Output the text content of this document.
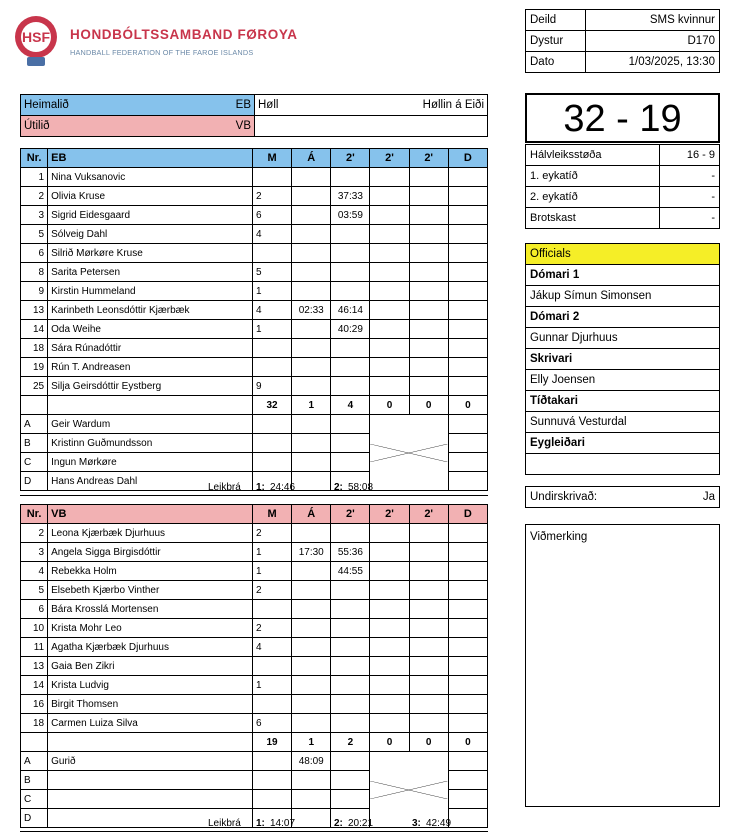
HSF HONDBÓLTSSAMBAND FØROYA
HANDBALL FEDERATION OF THE FAROE ISLANDS
Deild	SMS kvinnur
Dystur	D170
Dato	1/03/2025, 13:30
Heimalið	EB	Høll	Høllin á Eiði
Útilið	VB			32 - 19
Hálvleiksstøða	16 - 9
1. eykatíð	-
2. eykatíð	-
Brotskast	-
Officials
Dómari 1
Jákup Símun Simonsen
Dómari 2
Gunnar Djurhuus
Skrivari
Elly Joensen
Tíðtakari
Sunnuvá Vesturdal
Eygleiðari

Undirskrivað:	Ja
Viðmerking
Nr.	EB	M	Á	2'	2'	2'	D
1	Nina Vuksanovic						
2	Olivia Kruse	2		37:33			
3	Sigrid Eidesgaard	6		03:59			
5	Sólveig Dahl	4					
6	Silrið Mørkøre Kruse						
8	Sarita Petersen	5					
9	Kirstin Hummeland	1					
13	Karinbeth Leonsdóttir Kjærbæk	4	02:33	46:14			
14	Oda Weihe	1		40:29			
18	Sára Rúnadóttir						
19	Rún T. Andreasen						
25	Silja Geirsdóttir Eystberg	9					
		32	1	4	0	0	0
A	Geir Wardum				

B	Kristinn Guðmundsson						
C	Ingun Mørkøre						
D	Hans Andreas Dahl						
Leikbrá 1: 24:46	2: 58:08
Nr.	VB	M	Á	2'	2'	2'	D
2	Leona Kjærbæk Djurhuus	2					
3	Angela Sigga Birgisdóttir	1	17:30	55:36			
4	Rebekka Holm	1		44:55			
5	Elsebeth Kjærbo Vinther	2					
6	Bára Krosslá Mortensen						
10	Krista Mohr Leo	2					
11	Agatha Kjærbæk Djurhuus	4					
13	Gaia Ben Zikri						
14	Krista Ludvig	1					
16	Birgit Thomsen						
18	Carmen Luiza Silva	6					
		19	1	2	0	0	0
A	Gurið		48:09		

B							
C							
D								Leikbrá 1: 14:07	2: 20:21	3: 42:49
